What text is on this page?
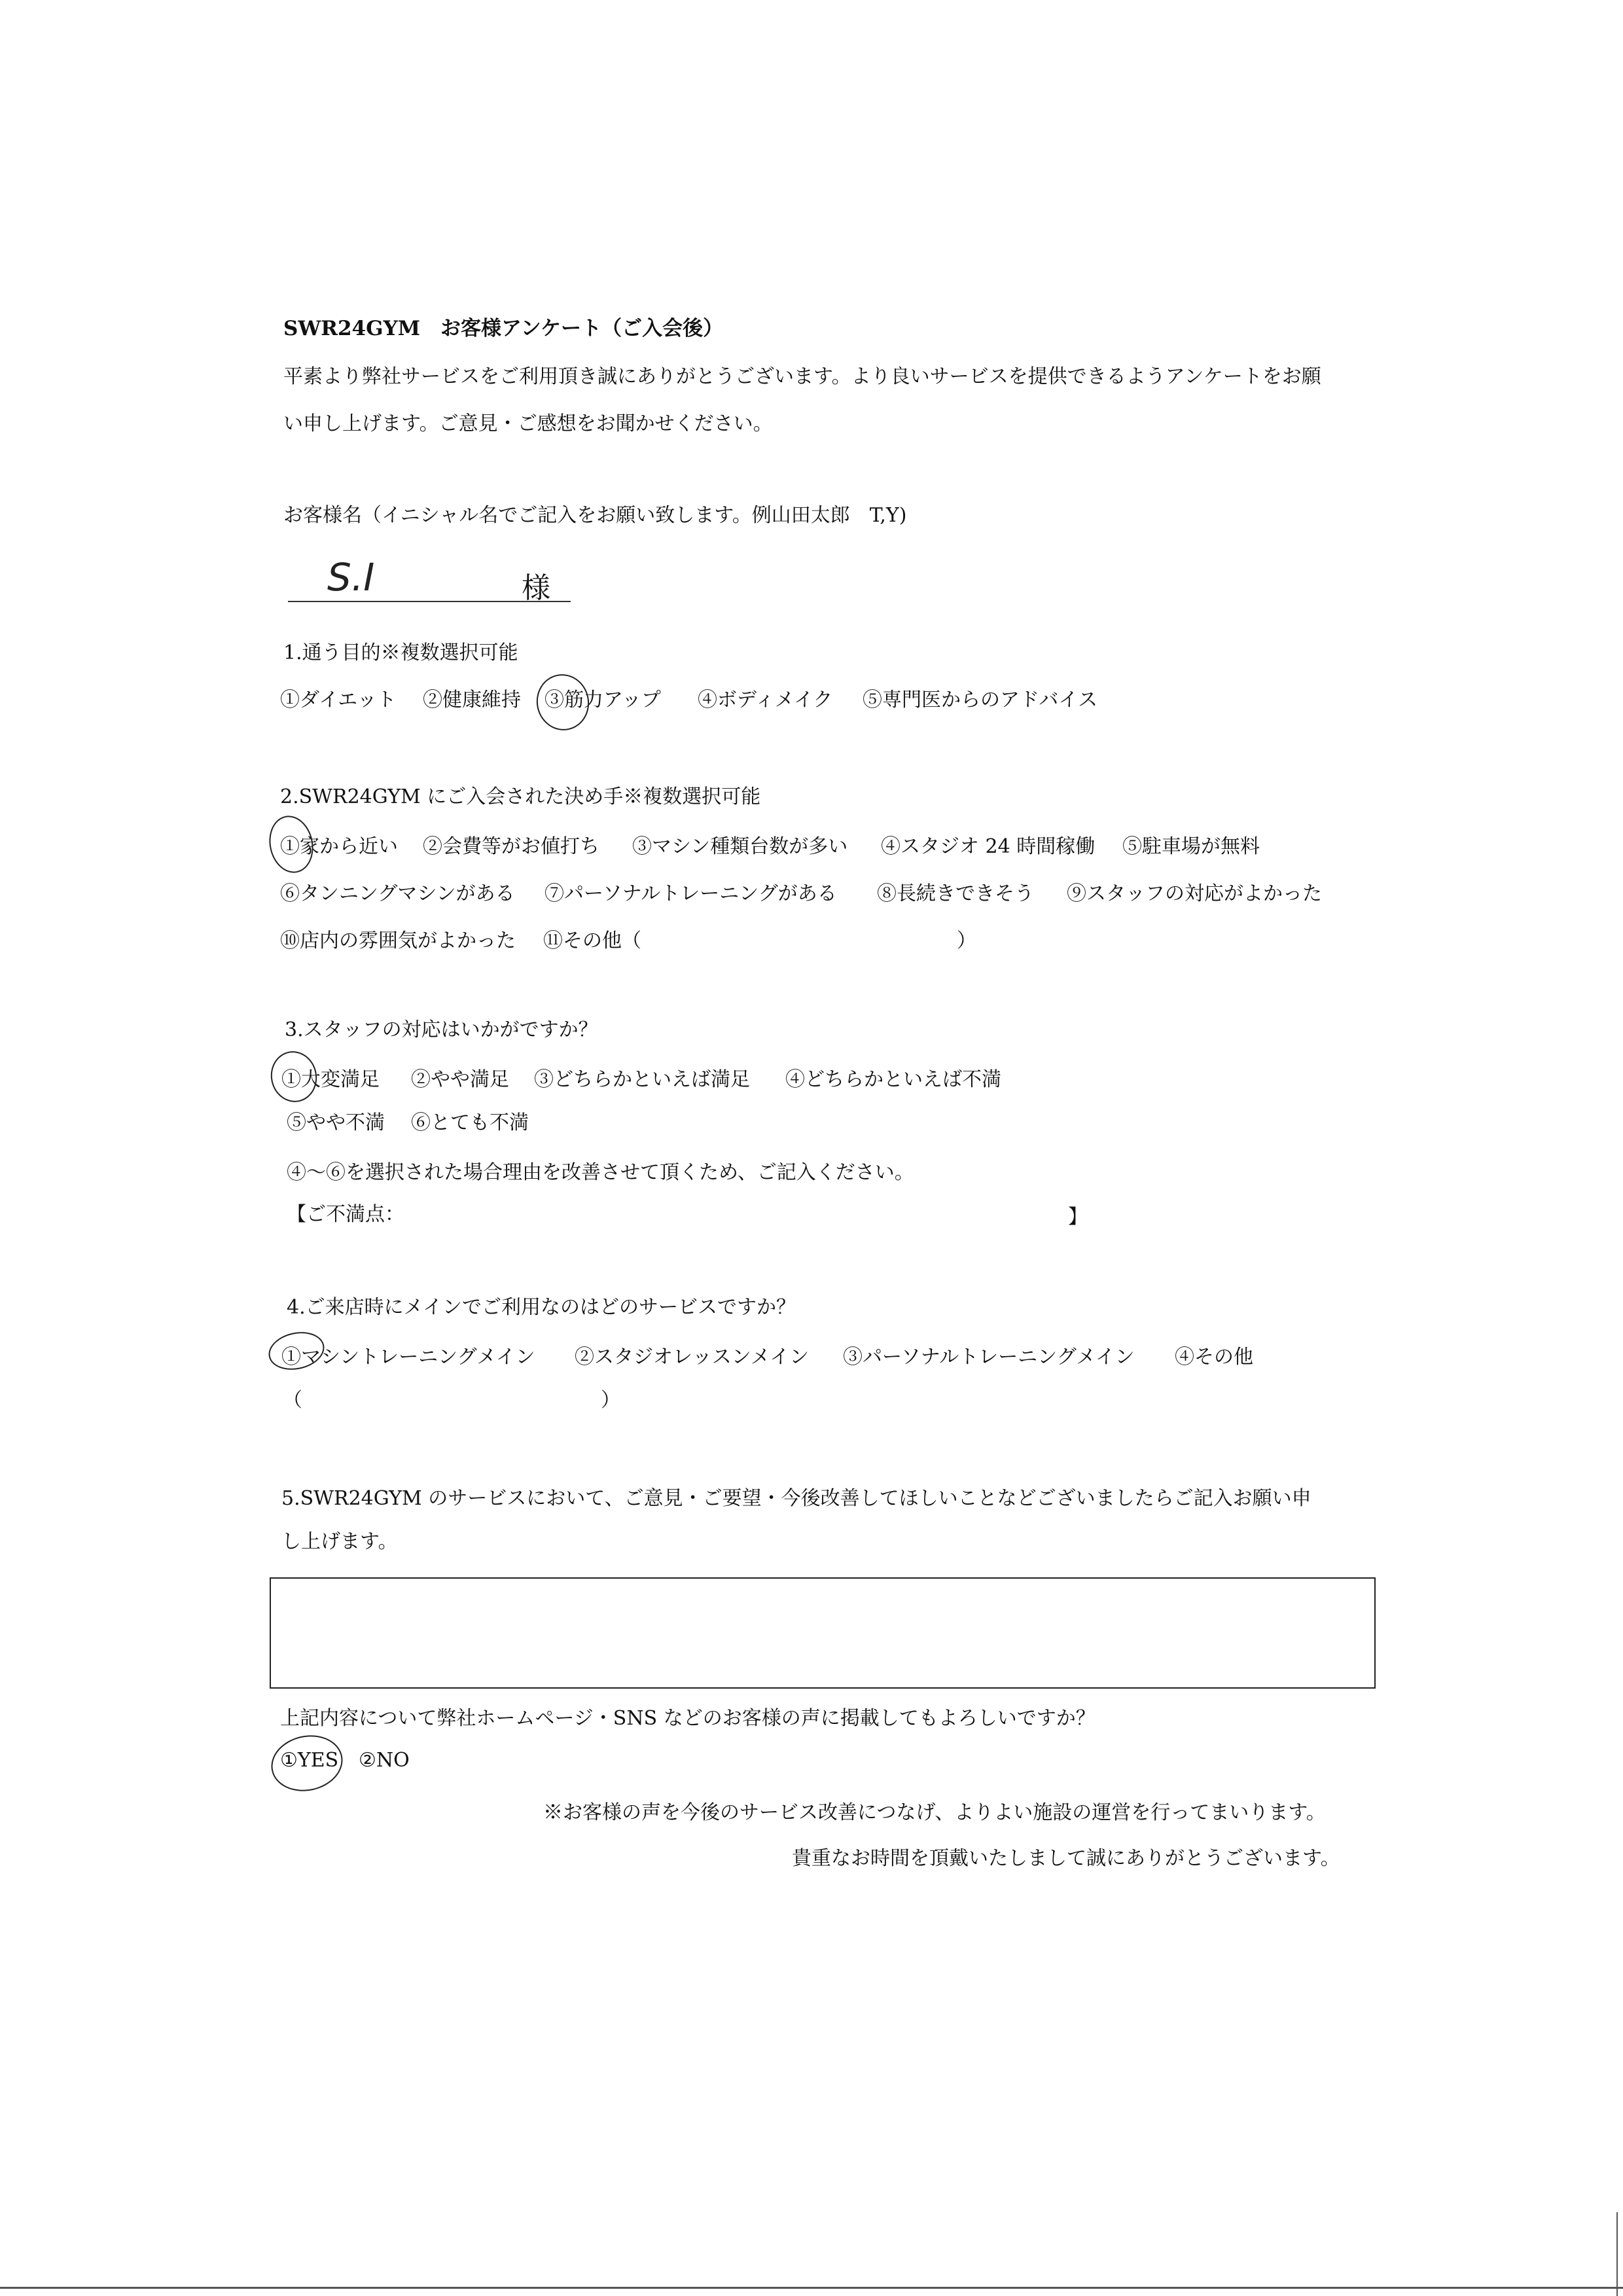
SWR24GYM　お客様アンケート（ご入会後）
平素より弊社サービスをご利用頂き誠にありがとうございます。より良いサービスを提供できるようアンケートをお願
い申し上げます。ご意見・ご感想をお聞かせください。
お客様名（イニシャル名でご記入をお願い致します。例山田太郎　T,Y)
S.I	様
1.通う目的※複数選択可能
①ダイエット ②健康維持 ③筋力アップ ④ボディメイク ⑤専門医からのアドバイス
2.SWR24GYM にご入会された決め手※複数選択可能
①家から近い ②会費等がお値打ち ③マシン種類台数が多い ④スタジオ 24 時間稼働 ⑤駐車場が無料
⑥タンニングマシンがある ⑦パーソナルトレーニングがある ⑧長続きできそう ⑨スタッフの対応がよかった
⑩店内の雰囲気がよかった ⑪その他（	）
3.スタッフの対応はいかがですか？
①大変満足 ②やや満足 ③どちらかといえば満足 ④どちらかといえば不満
⑤やや不満 ⑥とても不満
④～⑥を選択された場合理由を改善させて頂くため、ご記入ください。
【ご不満点：	】
4.ご来店時にメインでご利用なのはどのサービスですか？
①マシントレーニングメイン ②スタジオレッスンメイン ③パーソナルトレーニングメイン ④その他
（	）
5.SWR24GYM のサービスにおいて、ご意見・ご要望・今後改善してほしいことなどございましたらご記入お願い申
し上げます。
上記内容について弊社ホームページ・SNS などのお客様の声に掲載してもよろしいですか？
①YES ②NO
※お客様の声を今後のサービス改善につなげ、よりよい施設の運営を行ってまいります。
貴重なお時間を頂戴いたしまして誠にありがとうございます。
